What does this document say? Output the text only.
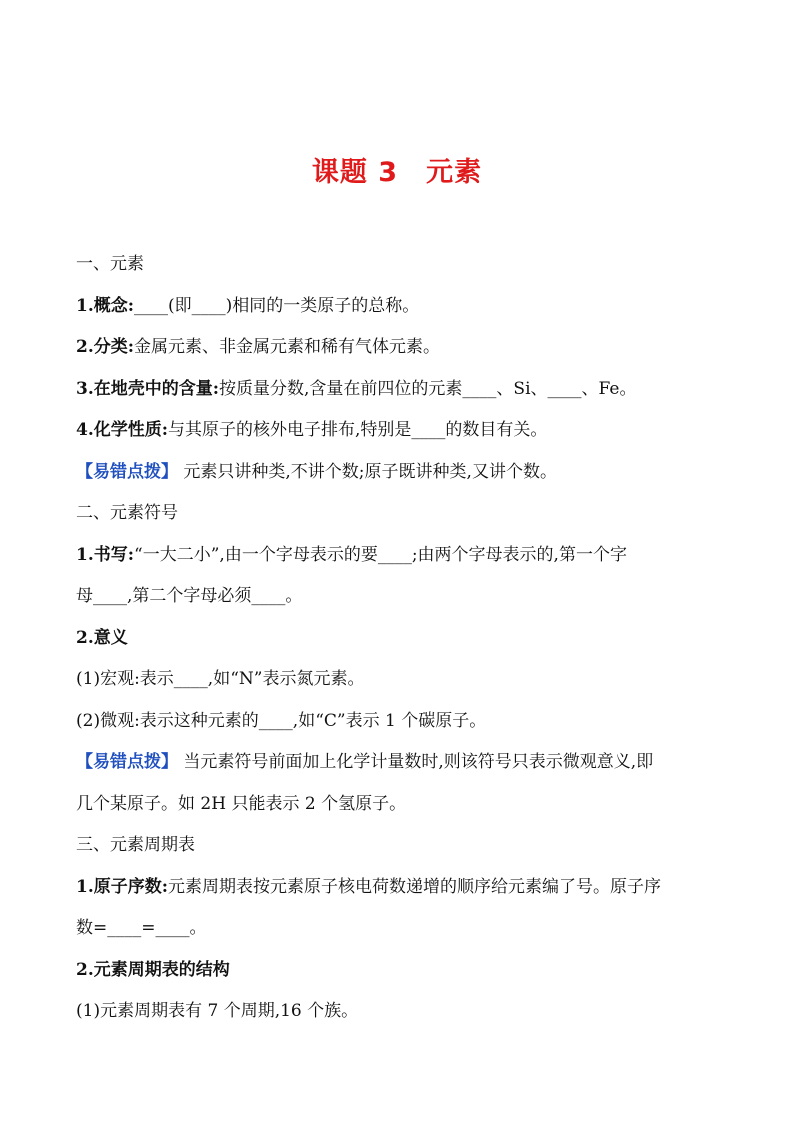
课题 3　元素
一、元素
1.概念:____(即____)相同的一类原子的总称。
2.分类:金属元素、非金属元素和稀有气体元素。
3.在地壳中的含量:按质量分数,含量在前四位的元素____、Si、____、Fe。
4.化学性质:与其原子的核外电子排布,特别是____的数目有关。
【易错点拨】 元素只讲种类,不讲个数;原子既讲种类,又讲个数。
二、元素符号
1.书写:“一大二小”,由一个字母表示的要____;由两个字母表示的,第一个字
母____,第二个字母必须____。
2.意义
(1)宏观:表示____,如“N”表示氮元素。
(2)微观:表示这种元素的____,如“C”表示 1 个碳原子。
【易错点拨】 当元素符号前面加上化学计量数时,则该符号只表示微观意义,即
几个某原子。如 2H 只能表示 2 个氢原子。
三、元素周期表
1.原子序数:元素周期表按元素原子核电荷数递增的顺序给元素编了号。原子序
数=____=____。
2.元素周期表的结构
(1)元素周期表有 7 个周期,16 个族。
